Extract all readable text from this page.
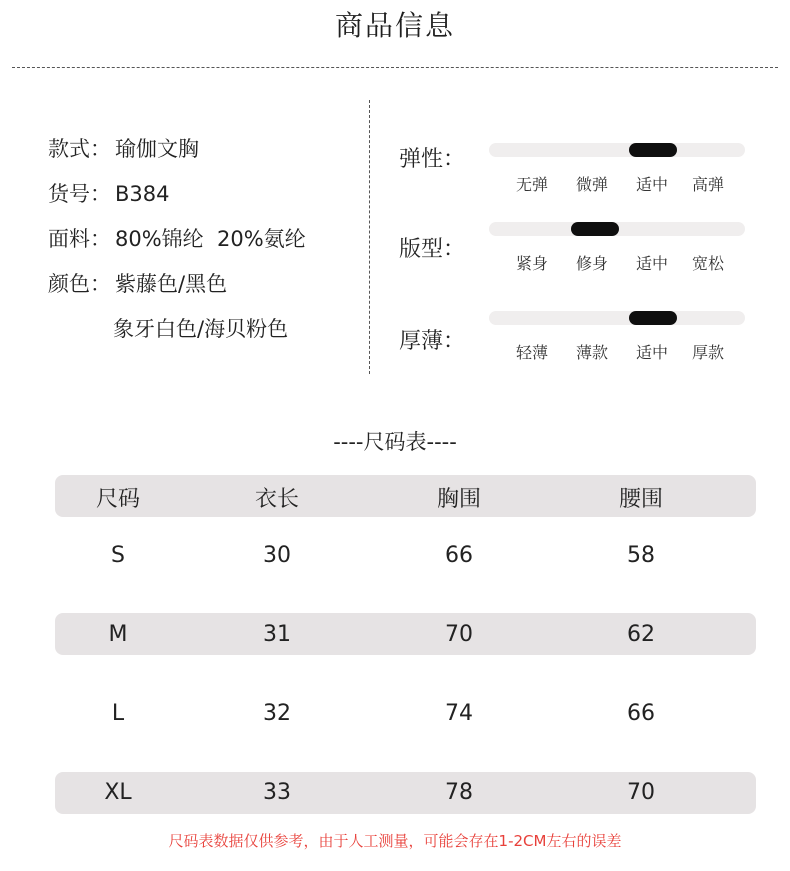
商品信息
款式： 瑜伽文胸
货号： B384
面料： 80%锦纶  20%氨纶
颜色： 紫藤色/黑色
象牙白色/海贝粉色
弹性：
无弹	微弹	适中	高弹
版型：
紧身	修身	适中	宽松
厚薄：	轻薄	薄款	适中	厚款
----尺码表----
尺码	衣长	胸围	腰围
S	30	66	58
M	31	70	62
L	32	74	66
XL	33	78	70
尺码表数据仅供参考，由于人工测量，可能会存在1-2CM左右的误差
